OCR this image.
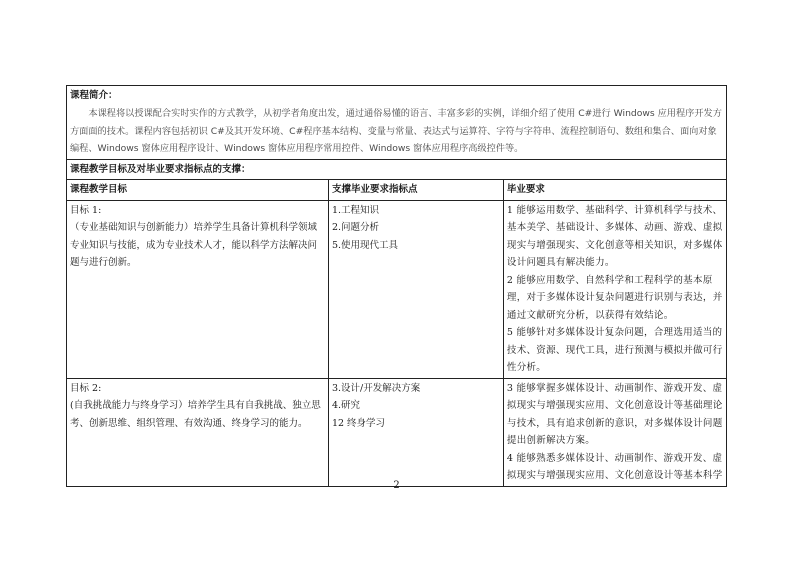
课程简介：
本课程将以授课配合实时实作的方式教学，从初学者角度出发，通过通俗易懂的语言、丰富多彩的实例，详细介绍了使用 C#进行 Windows 应用程序开发方方面面的技术。课程内容包括初识 C#及其开发环境、C#程序基本结构、变量与常量、表达式与运算符、字符与字符串、流程控制语句、数组和集合、面向对象编程、Windows 窗体应用程序设计、Windows 窗体应用程序常用控件、Windows 窗体应用程序高级控件等。		

课程教学目标及对毕业要求指标点的支撑：		
课程教学目标	支撑毕业要求指标点	毕业要求

目标 1:
（专业基础知识与创新能力）培养学生具备计算机科学领域专业知识与技能，成为专业技术人才，能以科学方法解决问题与进行创新。	1.工程知识
2.问题分析
5.使用现代工具	1 能够运用数学、基础科学、计算机科学与技术、基本美学、基础设计、多媒体、动画、游戏、虚拟现实与增强现实、文化创意等相关知识，对多媒体设计问题具有解决能力。
2 能够应用数学、自然科学和工程科学的基本原理，对于多媒体设计复杂问题进行识别与表达，并通过文献研究分析，以获得有效结论。
5 能够针对多媒体设计复杂问题，合理选用适当的技术、资源、现代工具，进行预测与模拟并做可行性分析。

目标 2:
(自我挑战能力与终身学习）培养学生具有自我挑战、独立思考、创新思维、组织管理、有效沟通、终身学习的能力。	3.设计/开发解决方案
4.研究
12 终身学习	3 能够掌握多媒体设计、动画制作、游戏开发、虚拟现实与增强现实应用、文化创意设计等基础理论与技术，具有追求创新的意识，对多媒体设计问题提出创新解决方案。
4 能够熟悉多媒体设计、动画制作、游戏开发、虚拟现实与增强现实应用、文化创意设计等基本科学
2
